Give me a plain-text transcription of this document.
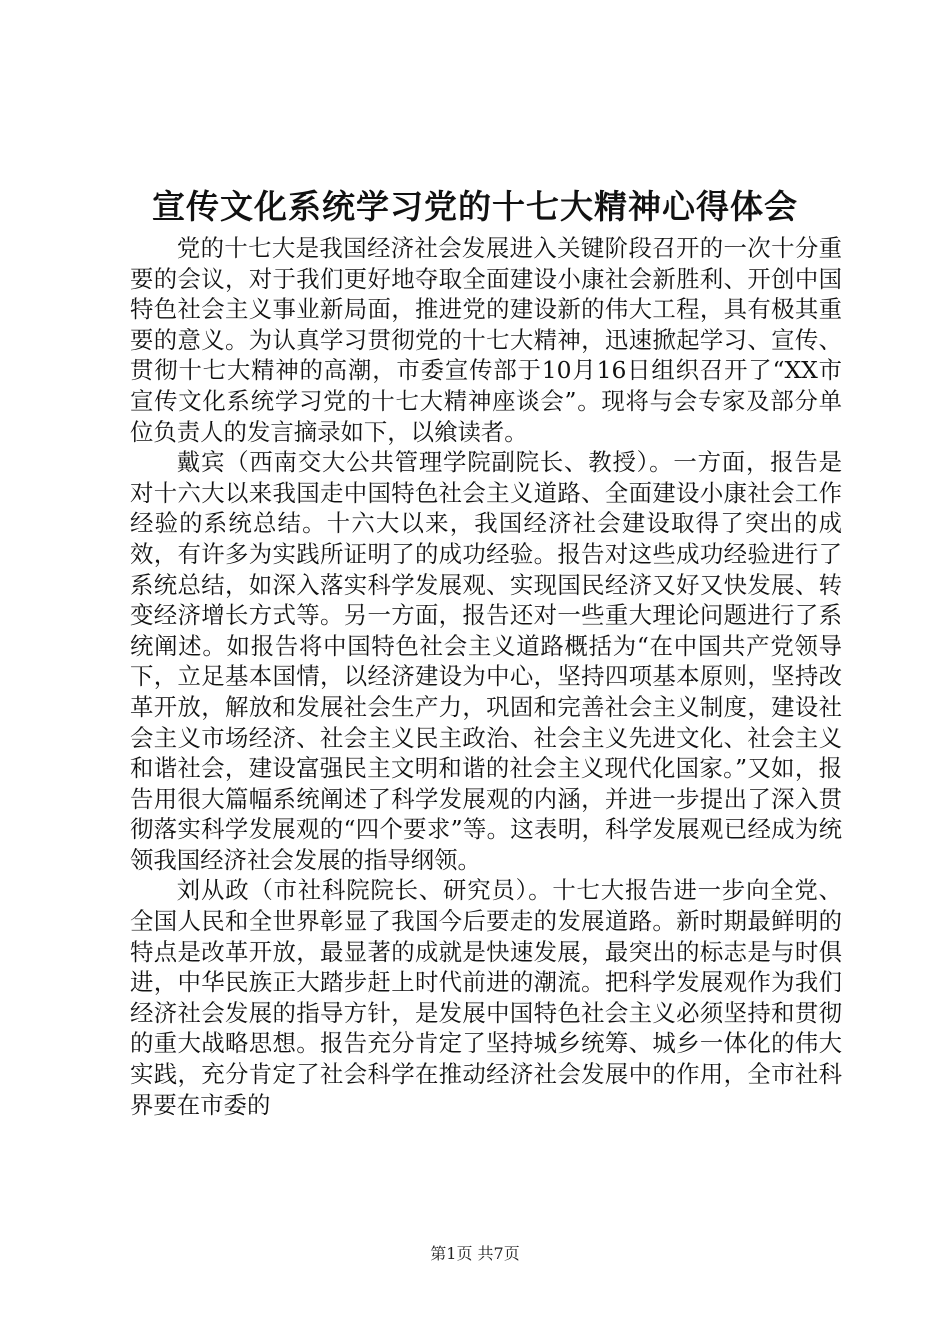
宣传文化系统学习党的十七大精神心得体会

党的十七大是我国经济社会发展进入关键阶段召开的一次十分重要的会议，对于我们更好地夺取全面建设小康社会新胜利、开创中国特色社会主义事业新局面，推进党的建设新的伟大工程，具有极其重要的意义。为认真学习贯彻党的十七大精神，迅速掀起学习、宣传、贯彻十七大精神的高潮，市委宣传部于10月16日组织召开了“XX市宣传文化系统学习党的十七大精神座谈会”。现将与会专家及部分单位负责人的发言摘录如下，以飨读者。

戴宾（西南交大公共管理学院副院长、教授）。一方面，报告是对十六大以来我国走中国特色社会主义道路、全面建设小康社会工作经验的系统总结。十六大以来，我国经济社会建设取得了突出的成效，有许多为实践所证明了的成功经验。报告对这些成功经验进行了系统总结，如深入落实科学发展观、实现国民经济又好又快发展、转变经济增长方式等。另一方面，报告还对一些重大理论问题进行了系统阐述。如报告将中国特色社会主义道路概括为“在中国共产党领导下，立足基本国情，以经济建设为中心，坚持四项基本原则，坚持改革开放，解放和发展社会生产力，巩固和完善社会主义制度，建设社会主义市场经济、社会主义民主政治、社会主义先进文化、社会主义和谐社会，建设富强民主文明和谐的社会主义现代化国家。”又如，报告用很大篇幅系统阐述了科学发展观的内涵，并进一步提出了深入贯彻落实科学发展观的“四个要求”等。这表明，科学发展观已经成为统领我国经济社会发展的指导纲领。

刘从政（市社科院院长、研究员）。十七大报告进一步向全党、全国人民和全世界彰显了我国今后要走的发展道路。新时期最鲜明的特点是改革开放，最显著的成就是快速发展，最突出的标志是与时俱进，中华民族正大踏步赶上时代前进的潮流。把科学发展观作为我们经济社会发展的指导方针，是发展中国特色社会主义必须坚持和贯彻的重大战略思想。报告充分肯定了坚持城乡统筹、城乡一体化的伟大实践，充分肯定了社会科学在推动经济社会发展中的作用，全市社科界要在市委的

第1页 共7页
